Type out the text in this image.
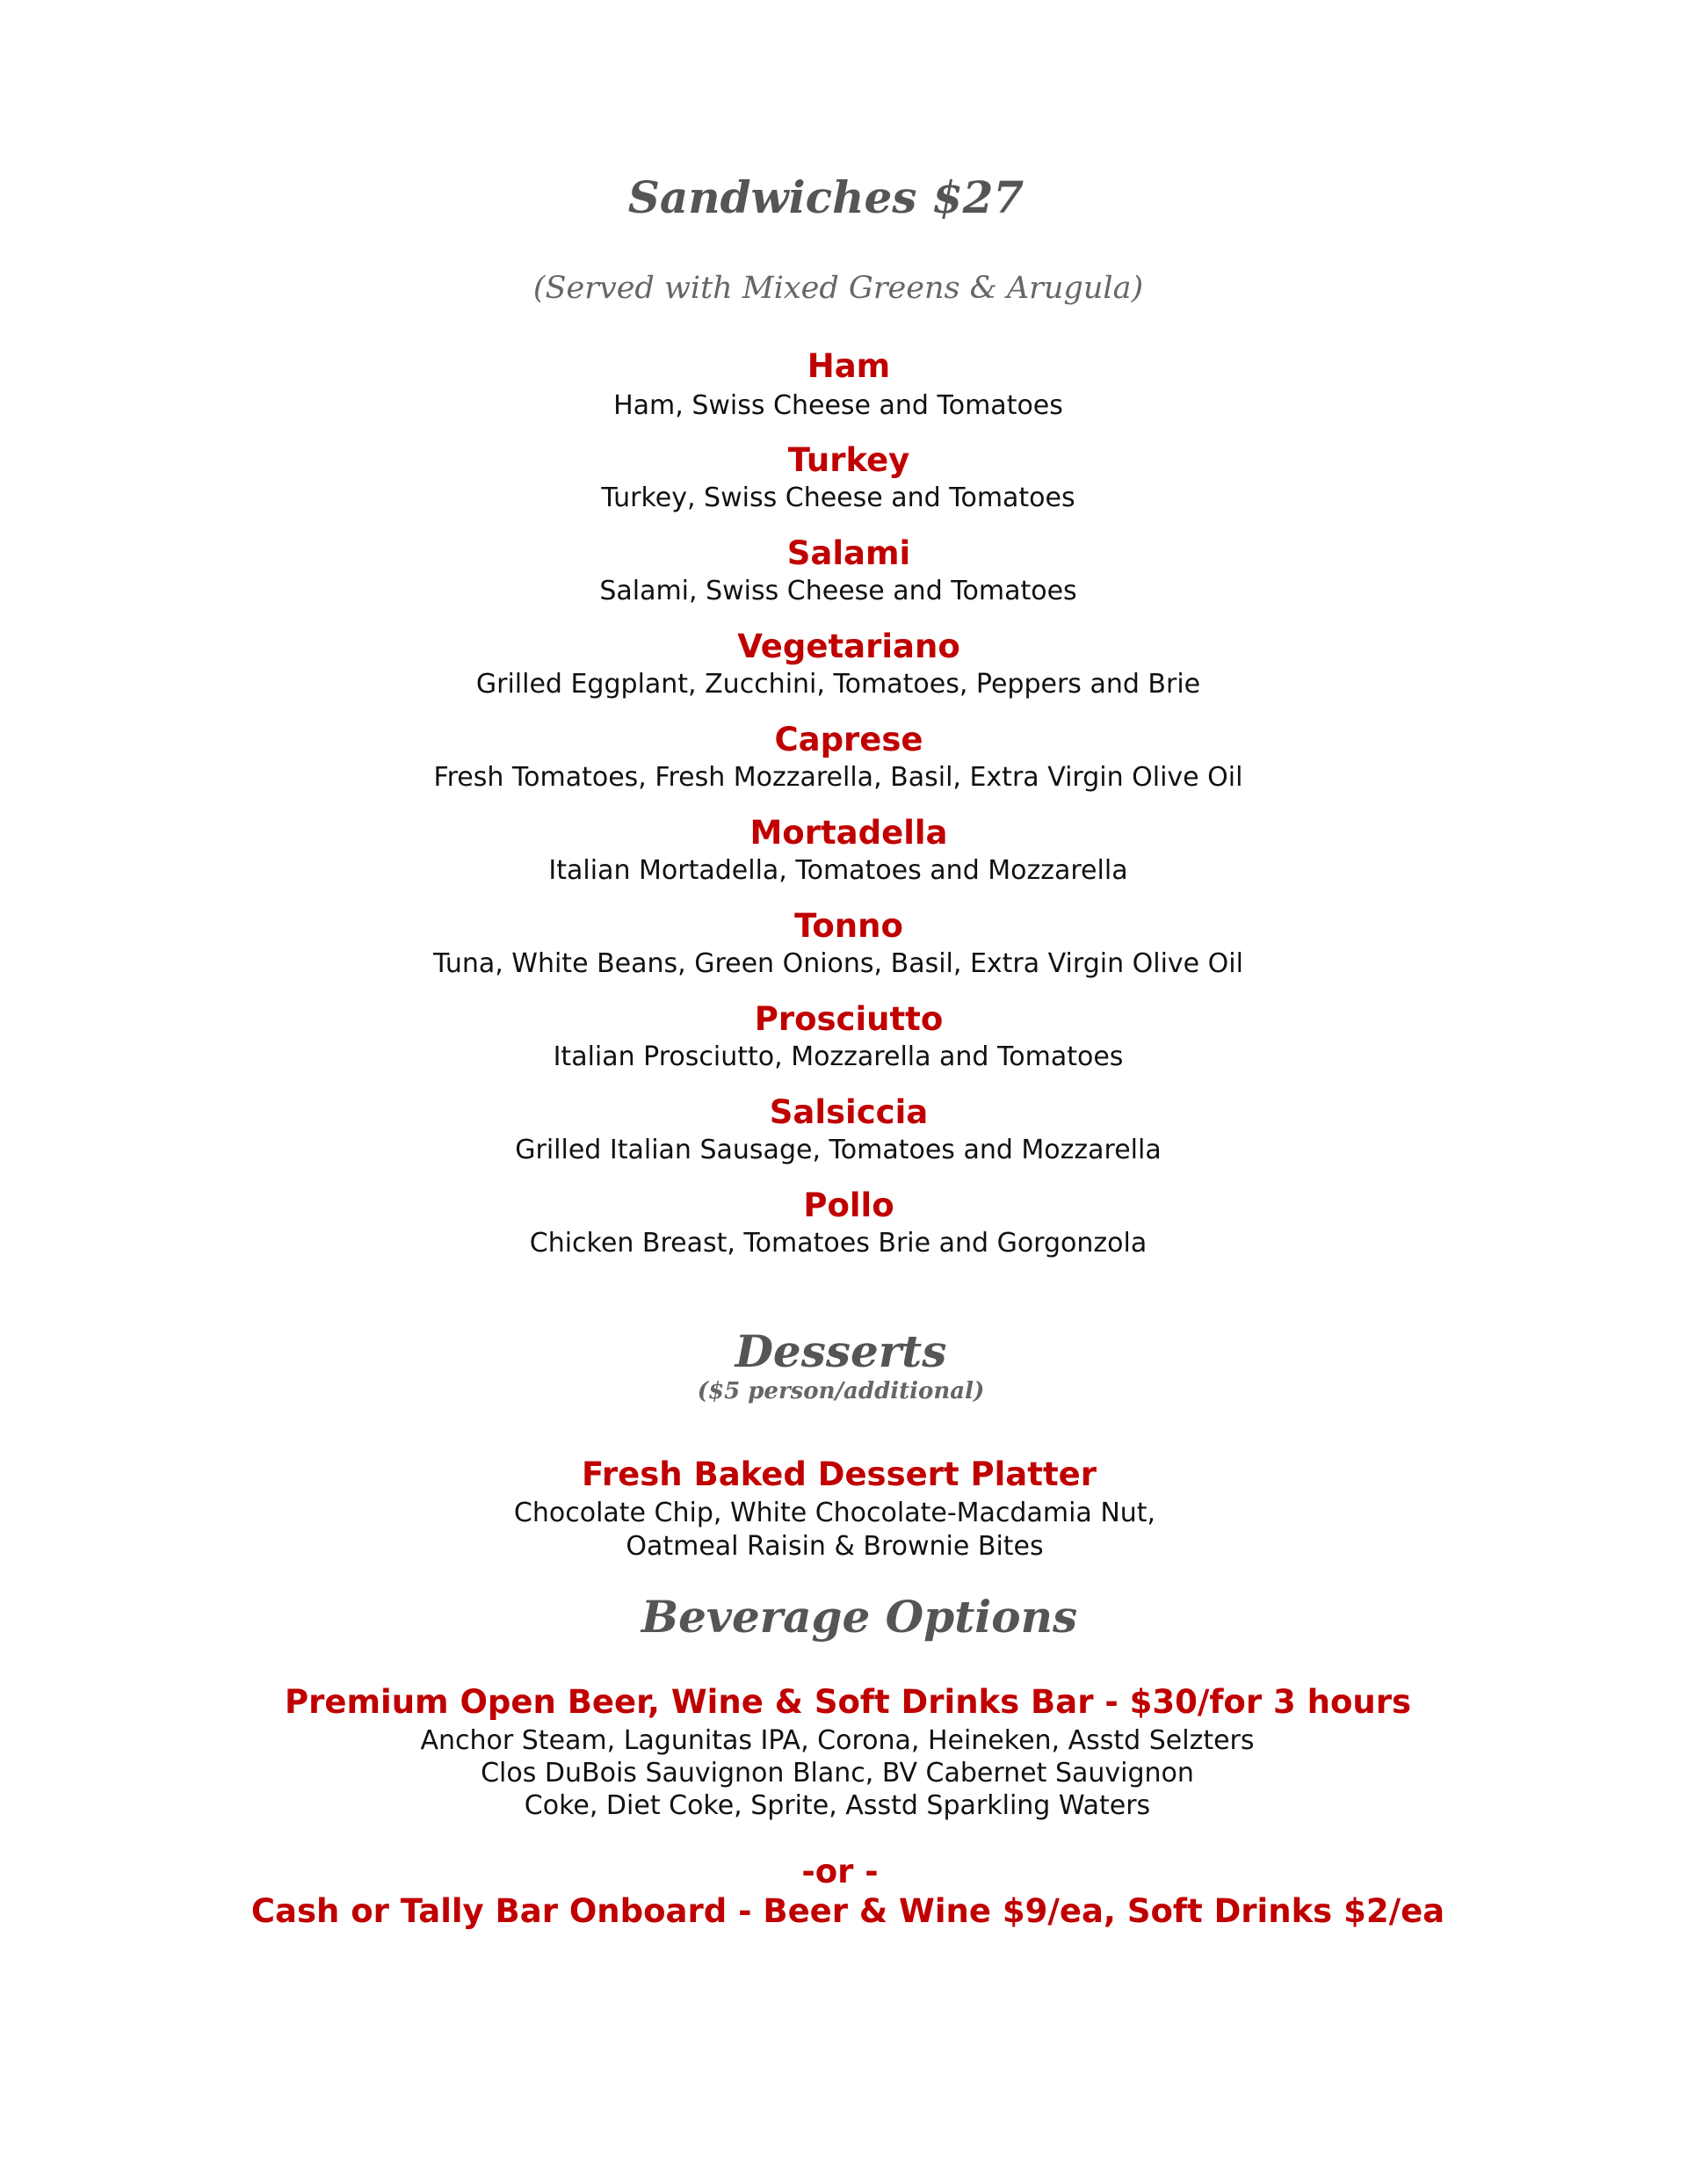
Sandwiches $27

(Served with Mixed Greens & Arugula)

Ham
Ham, Swiss Cheese and Tomatoes
Turkey
Turkey, Swiss Cheese and Tomatoes
Salami
Salami, Swiss Cheese and Tomatoes
Vegetariano
Grilled Eggplant, Zucchini, Tomatoes, Peppers and Brie
Caprese
Fresh Tomatoes, Fresh Mozzarella, Basil, Extra Virgin Olive Oil
Mortadella
Italian Mortadella, Tomatoes and Mozzarella
Tonno
Tuna, White Beans, Green Onions, Basil, Extra Virgin Olive Oil
Prosciutto
Italian Prosciutto, Mozzarella and Tomatoes
Salsiccia
Grilled Italian Sausage, Tomatoes and Mozzarella
Pollo
Chicken Breast, Tomatoes Brie and Gorgonzola
Desserts

($5 person/additional)

Fresh Baked Dessert Platter
Chocolate Chip, White Chocolate-Macdamia Nut,
Oatmeal Raisin & Brownie Bites
Beverage Options
Premium Open Beer, Wine & Soft Drinks Bar - $30/for 3 hours
Anchor Steam, Lagunitas IPA, Corona, Heineken, Asstd Selzters
Clos DuBois Sauvignon Blanc, BV Cabernet Sauvignon
Coke, Diet Coke, Sprite, Asstd Sparkling Waters
-or -
Cash or Tally Bar Onboard - Beer & Wine $9/ea, Soft Drinks $2/ea
